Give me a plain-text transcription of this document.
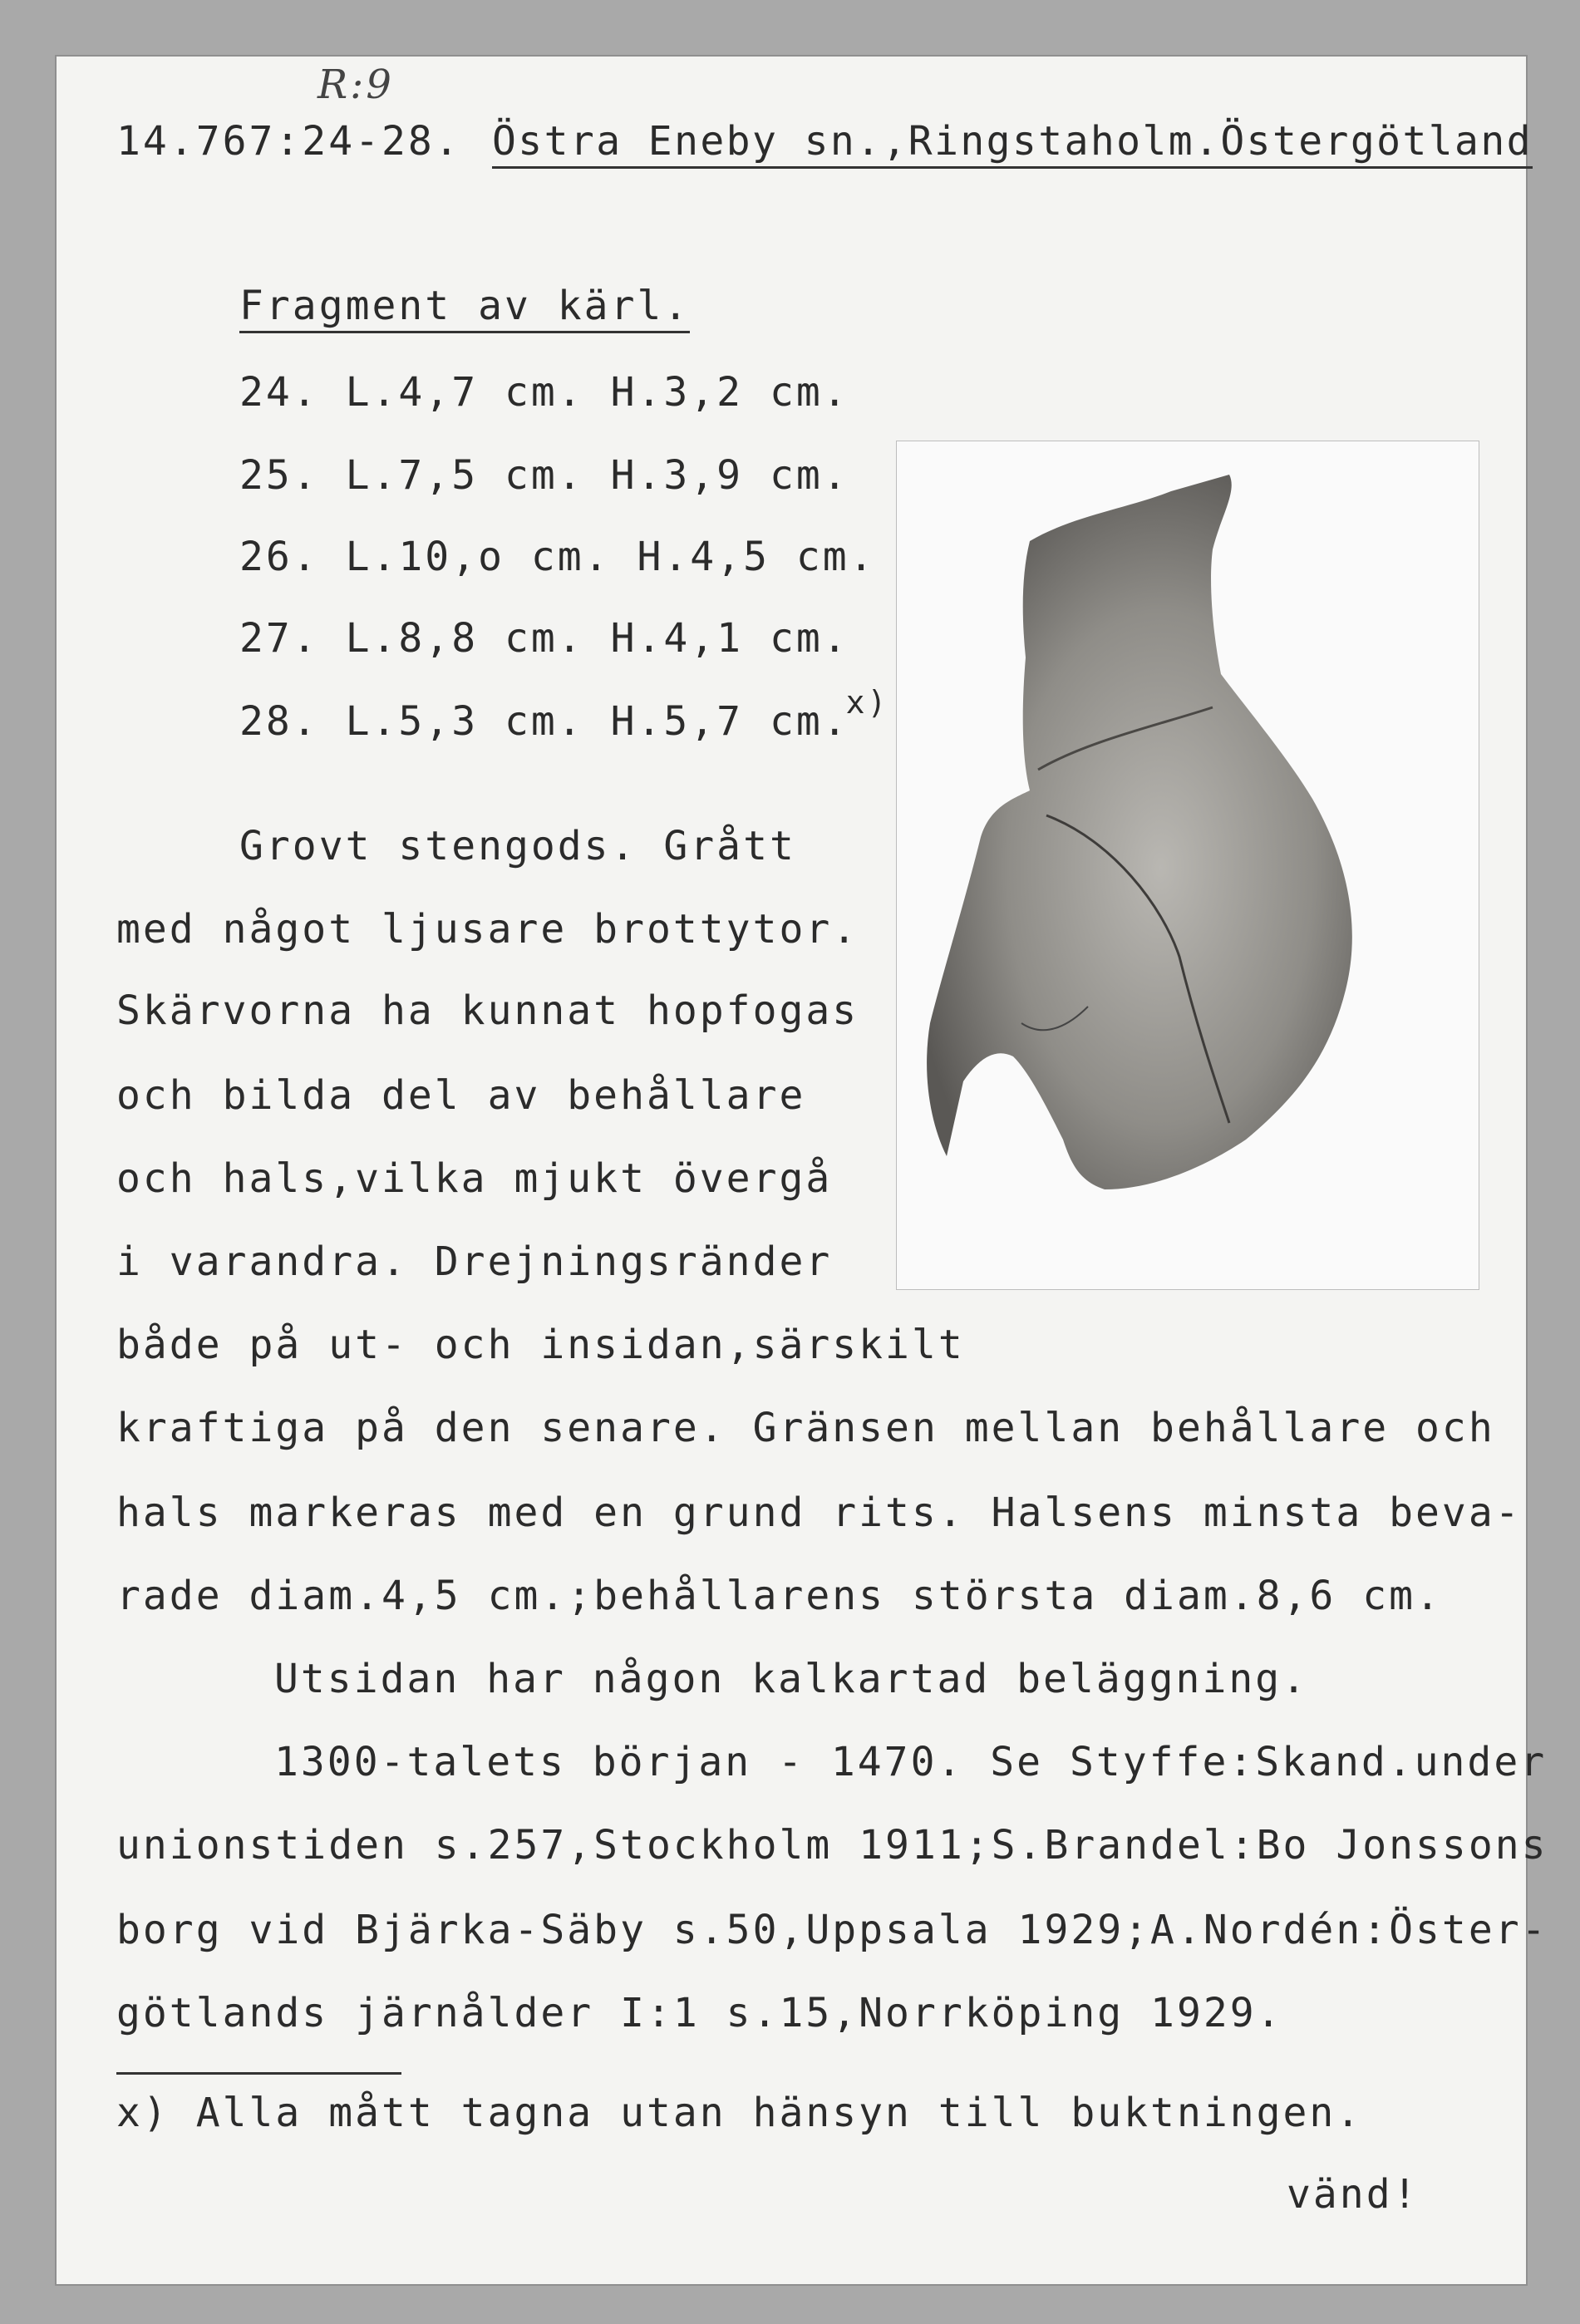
R:9
14.767:24-28. Östra Eneby sn.,Ringstaholm.Östergötland
Fragment av kärl.
24. L.4,7 cm. H.3,2 cm.
25. L.7,5 cm. H.3,9 cm.
26. L.10,o cm. H.4,5 cm.
27. L.8,8 cm. H.4,1 cm.
28. L.5,3 cm. H.5,7 cm.$^{x)}$
Grovt stengods. Grått
med något ljusare brottytor.
Skärvorna ha kunnat hopfogas
och bilda del av behållare
och hals,vilka mjukt övergå
i varandra. Drejningsränder
både på ut- och insidan,särskilt
kraftiga på den senare. Gränsen mellan behållare och
hals markeras med en grund rits. Halsens minsta beva-
rade diam.4,5 cm.;behållarens största diam.8,6 cm.
Utsidan har någon kalkartad beläggning.
1300-talets början - 1470. Se Styffe:Skand.under
unionstiden s.257,Stockholm 1911;S.Brandel:Bo Jonssons
borg vid Bjärka-Säby s.50,Uppsala 1929;A.Nordén:Öster-
götlands järnålder I:1 s.15,Norrköping 1929.
x) Alla mått tagna utan hänsyn till buktningen.
vänd!
